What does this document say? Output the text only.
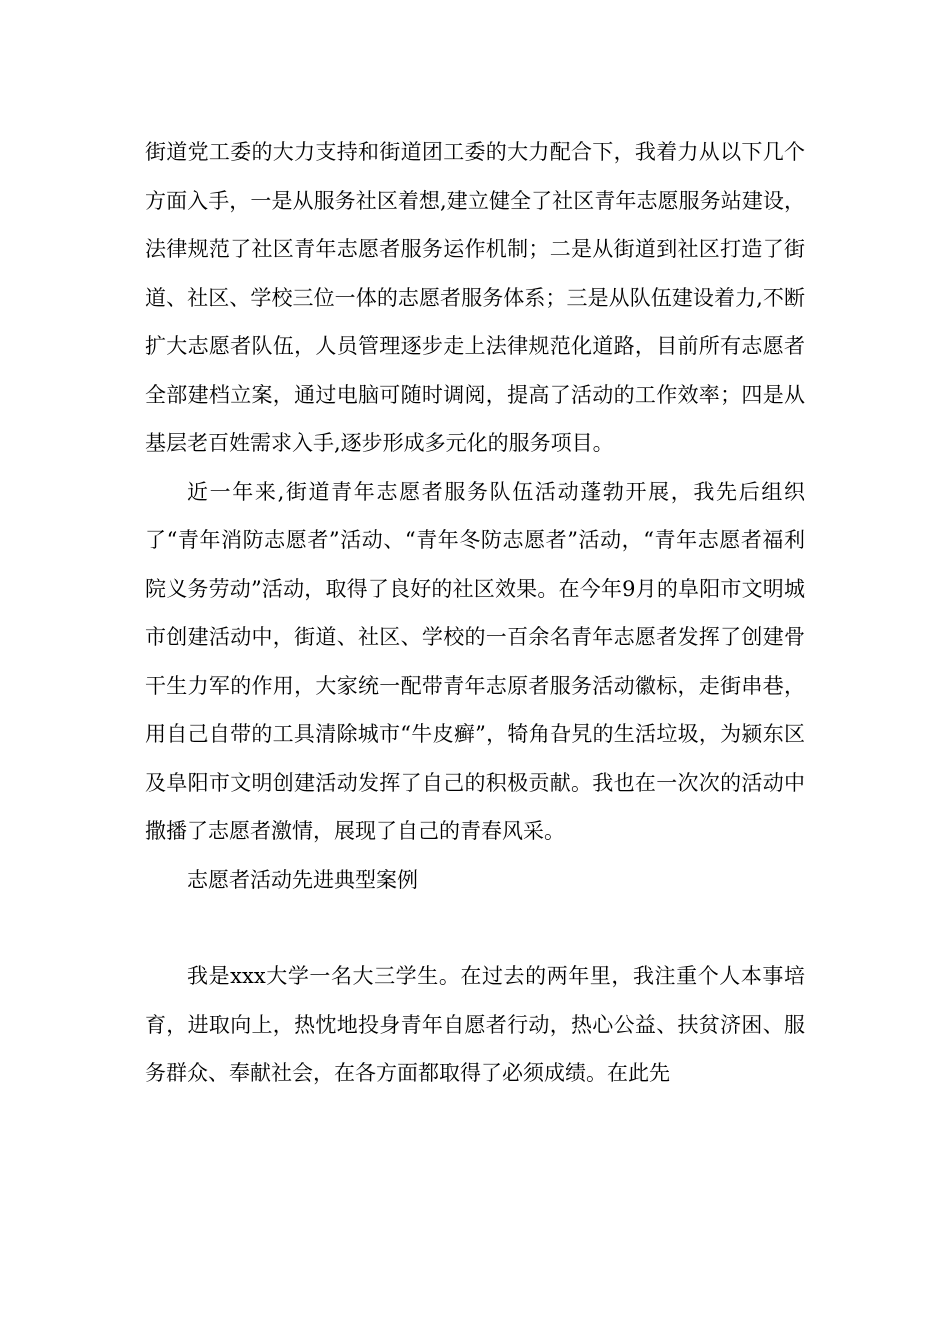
街道党工委的大力支持和街道团工委的大力配合下，我着力从以下几个方面入手，一是从服务社区着想,建立健全了社区青年志愿服务站建设，法律规范了社区青年志愿者服务运作机制；二是从街道到社区打造了街道、社区、学校三位一体的志愿者服务体系；三是从队伍建设着力,不断扩大志愿者队伍，人员管理逐步走上法律规范化道路，目前所有志愿者全部建档立案，通过电脑可随时调阅，提高了活动的工作效率；四是从基层老百姓需求入手,逐步形成多元化的服务项目。

近一年来,街道青年志愿者服务队伍活动蓬勃开展，我先后组织了“青年消防志愿者”活动、“青年冬防志愿者”活动，“青年志愿者福利院义务劳动”活动，取得了良好的社区效果。在今年9月的阜阳市文明城市创建活动中，街道、社区、学校的一百余名青年志愿者发挥了创建骨干生力军的作用，大家统一配带青年志原者服务活动徽标，走街串巷，用自己自带的工具清除城市“牛皮癣”，犄角旮旯的生活垃圾，为颍东区及阜阳市文明创建活动发挥了自己的积极贡献。我也在一次次的活动中撒播了志愿者激情，展现了自己的青春风采。

志愿者活动先进典型案例

我是xxx大学一名大三学生。在过去的两年里，我注重个人本事培育，进取向上，热忱地投身青年自愿者行动，热心公益、扶贫济困、服务群众、奉献社会，在各方面都取得了必须成绩。在此先
